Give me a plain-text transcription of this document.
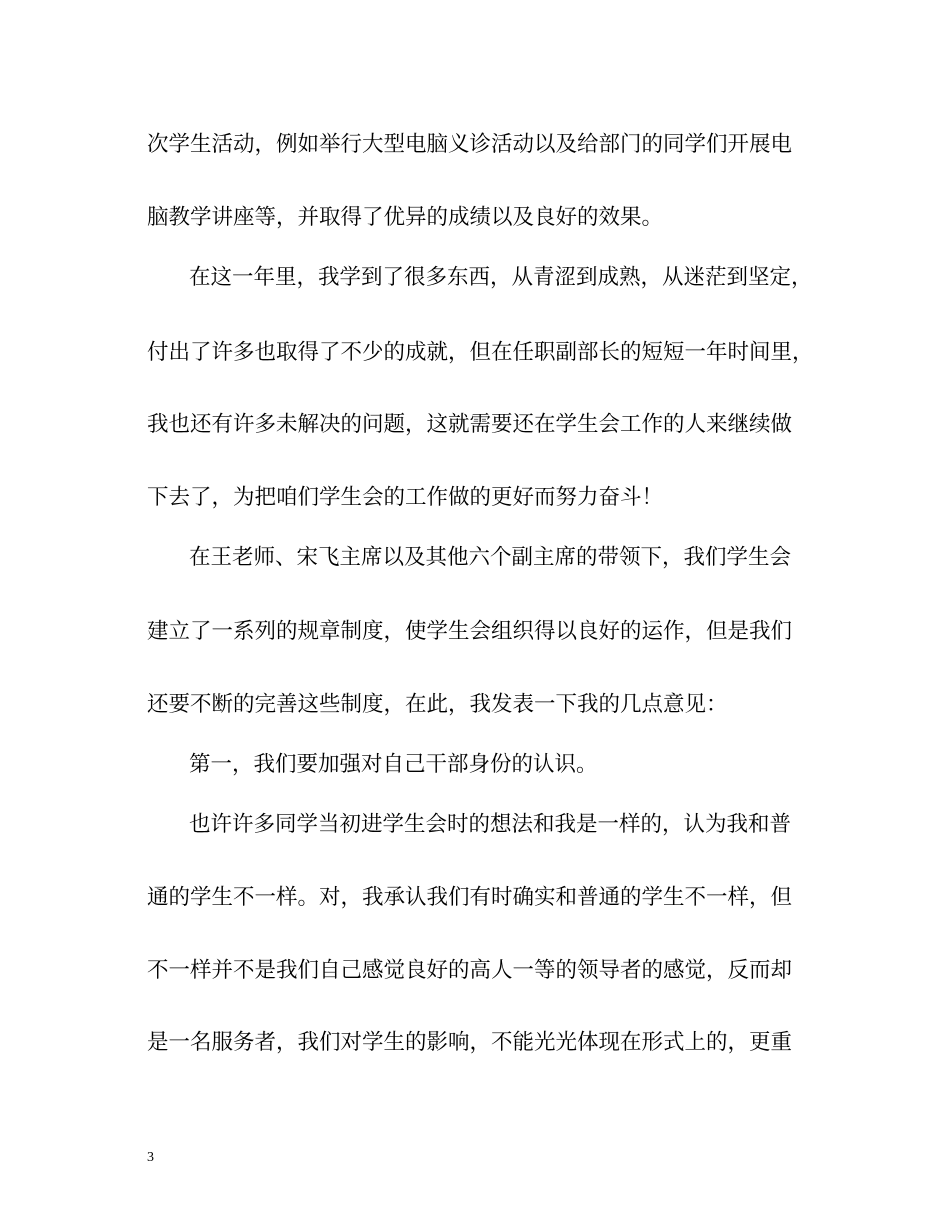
次学生活动，例如举行大型电脑义诊活动以及给部门的同学们开展电
脑教学讲座等，并取得了优异的成绩以及良好的效果。
在这一年里，我学到了很多东西，从青涩到成熟，从迷茫到坚定，
付出了许多也取得了不少的成就，但在任职副部长的短短一年时间里，
我也还有许多未解决的问题，这就需要还在学生会工作的人来继续做
下去了，为把咱们学生会的工作做的更好而努力奋斗！
在王老师、宋飞主席以及其他六个副主席的带领下，我们学生会
建立了一系列的规章制度，使学生会组织得以良好的运作，但是我们
还要不断的完善这些制度，在此，我发表一下我的几点意见：
第一，我们要加强对自己干部身份的认识。
也许许多同学当初进学生会时的想法和我是一样的，认为我和普
通的学生不一样。对，我承认我们有时确实和普通的学生不一样，但
不一样并不是我们自己感觉良好的高人一等的领导者的感觉，反而却
是一名服务者，我们对学生的影响，不能光光体现在形式上的，更重
3
